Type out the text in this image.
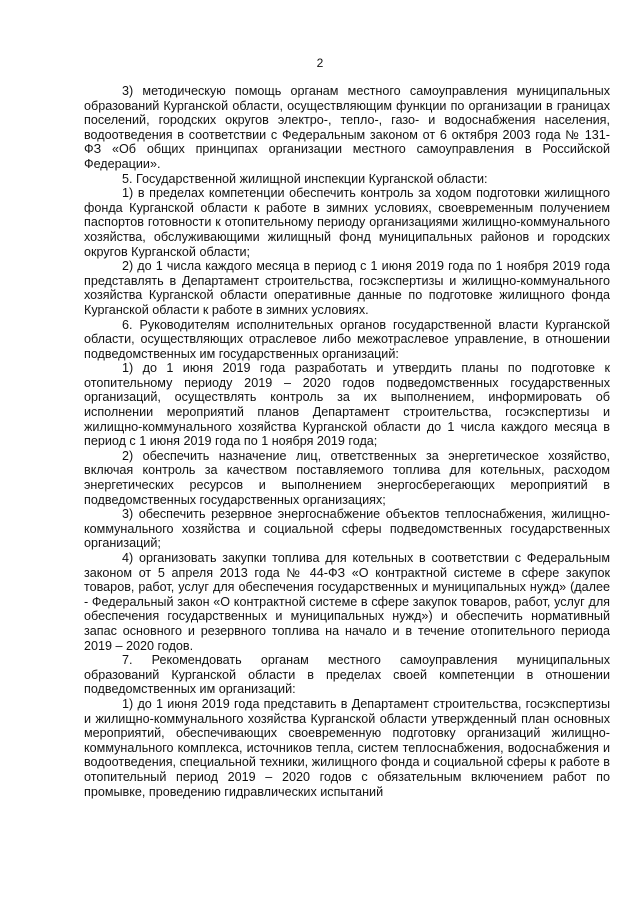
2

3) методическую помощь органам местного самоуправления муниципальных образований Курганской области, осуществляющим функции по организации в границах поселений, городских округов электро-, тепло-, газо- и водоснабжения населения, водоотведения в соответствии с Федеральным законом от 6 октября 2003 года № 131-ФЗ «Об общих принципах организации местного самоуправления в Российской Федерации».

5. Государственной жилищной инспекции Курганской области:

1) в пределах компетенции обеспечить контроль за ходом подготовки жилищного фонда Курганской области к работе в зимних условиях, своевременным получением паспортов готовности к отопительному периоду организациями жилищно-коммунального хозяйства, обслуживающими жилищный фонд муниципальных районов и городских округов Курганской области;

2) до 1 числа каждого месяца в период с 1 июня 2019 года по 1 ноября 2019 года представлять в Департамент строительства, госэкспертизы и жилищно-коммунального хозяйства Курганской области оперативные данные по подготовке жилищного фонда Курганской области к работе в зимних условиях.

6. Руководителям исполнительных органов государственной власти Курганской области, осуществляющих отраслевое либо межотраслевое управление, в отношении подведомственных им государственных организаций:

1) до 1 июня 2019 года разработать и утвердить планы по подготовке к отопительному периоду 2019 – 2020 годов подведомственных государственных организаций, осуществлять контроль за их выполнением, информировать об исполнении мероприятий планов Департамент строительства, госэкспертизы и жилищно-коммунального хозяйства Курганской области до 1 числа каждого месяца в период с 1 июня 2019 года по 1 ноября 2019 года;

2) обеспечить назначение лиц, ответственных за энергетическое хозяйство, включая контроль за качеством поставляемого топлива для котельных, расходом энергетических ресурсов и выполнением энергосберегающих мероприятий в подведомственных государственных организациях;

3) обеспечить резервное энергоснабжение объектов теплоснабжения, жилищно-коммунального хозяйства и социальной сферы подведомственных государственных организаций;

4) организовать закупки топлива для котельных в соответствии с Федеральным законом от 5 апреля 2013 года № 44-ФЗ «О контрактной системе в сфере закупок товаров, работ, услуг для обеспечения государственных и муниципальных нужд» (далее - Федеральный закон «О контрактной системе в сфере закупок товаров, работ, услуг для обеспечения государственных и муниципальных нужд») и обеспечить нормативный запас основного и резервного топлива на начало и в течение отопительного периода 2019 – 2020 годов.

7. Рекомендовать органам местного самоуправления муниципальных образований Курганской области в пределах своей компетенции в отношении подведомственных им организаций:

1) до 1 июня 2019 года представить в Департамент строительства, госэкспертизы и жилищно-коммунального хозяйства Курганской области утвержденный план основных мероприятий, обеспечивающих своевременную подготовку организаций жилищно-коммунального комплекса, источников тепла, систем теплоснабжения, водоснабжения и водоотведения, специальной техники, жилищного фонда и социальной сферы к работе в отопительный период 2019 – 2020 годов с обязательным включением работ по промывке, проведению гидравлических испытаний
